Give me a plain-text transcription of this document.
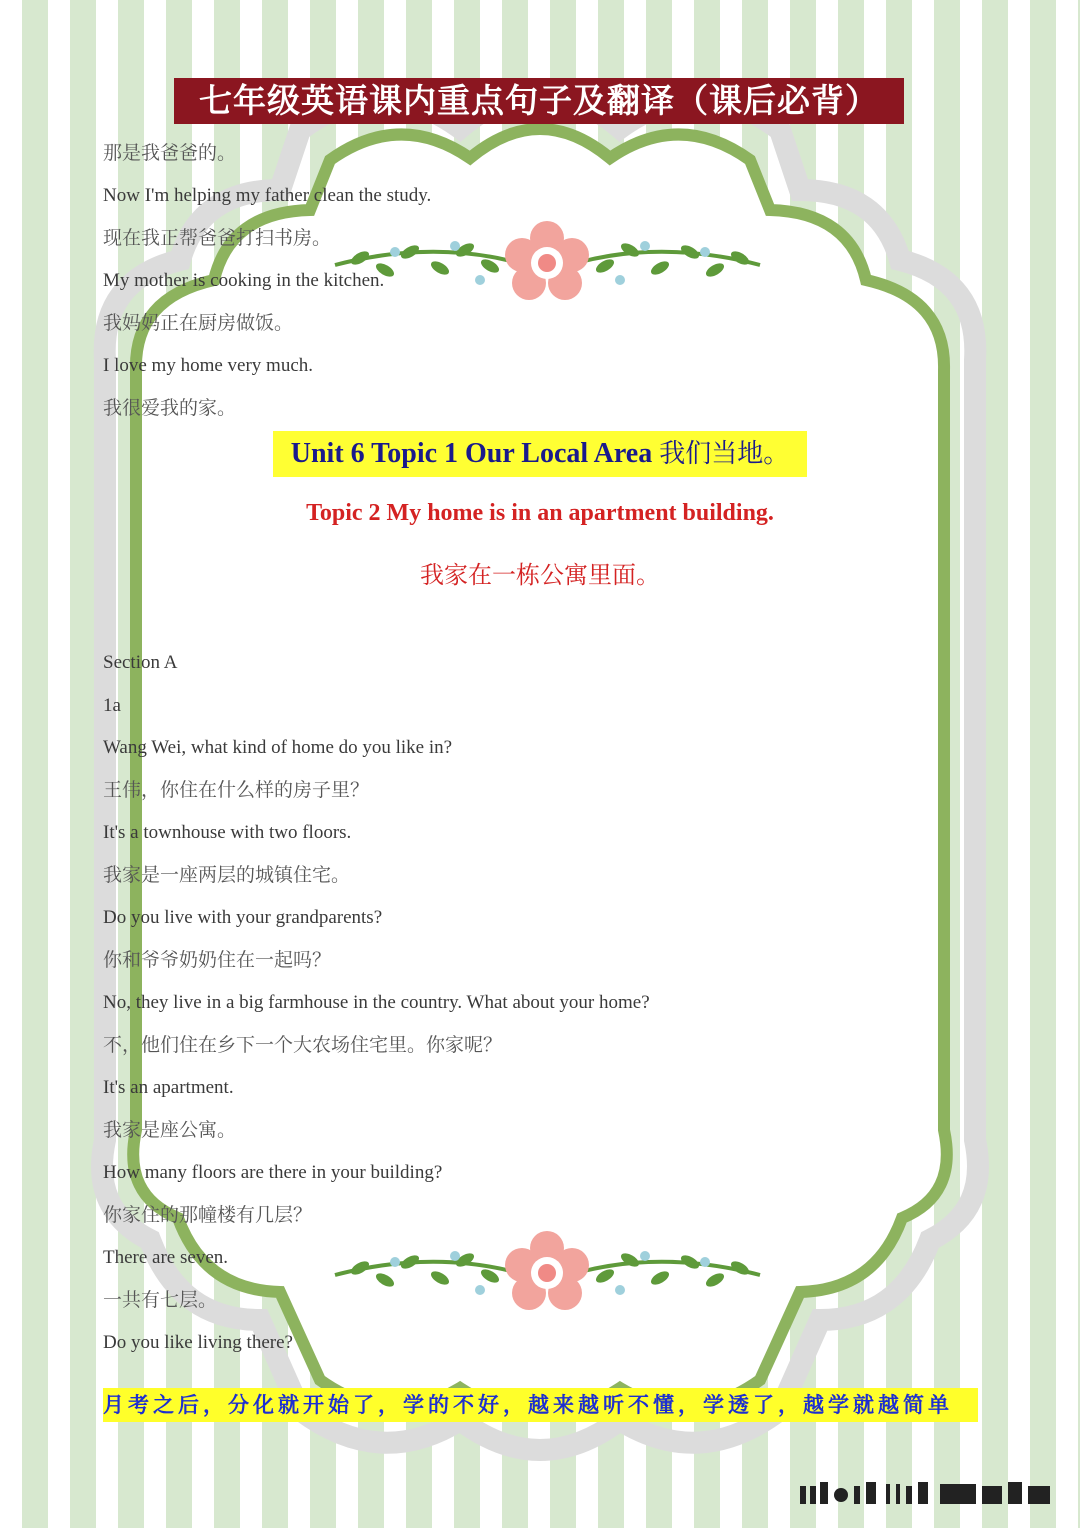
七年级英语课内重点句子及翻译（课后必背）
那是我爸爸的。
Now I'm helping my father clean the study.
现在我正帮爸爸打扫书房。
My mother is cooking in the kitchen.
我妈妈正在厨房做饭。
I love my home very much.
我很爱我的家。
Unit 6 Topic 1 Our Local Area 我们当地。
Topic 2 My home is in an apartment building.
我家在一栋公寓里面。
Section A
1a
Wang Wei, what kind of home do you like in?
王伟，你住在什么样的房子里？
It's a townhouse with two floors.
我家是一座两层的城镇住宅。
Do you live with your grandparents?
你和爷爷奶奶住在一起吗？
No, they live in a big farmhouse in the country. What about your home?
不，他们住在乡下一个大农场住宅里。你家呢？
It's an apartment.
我家是座公寓。
How many floors are there in your building?
你家住的那幢楼有几层？
There are seven.
一共有七层。
Do you like living there?
月考之后，分化就开始了，学的不好，越来越听不懂，学透了，越学就越简单
